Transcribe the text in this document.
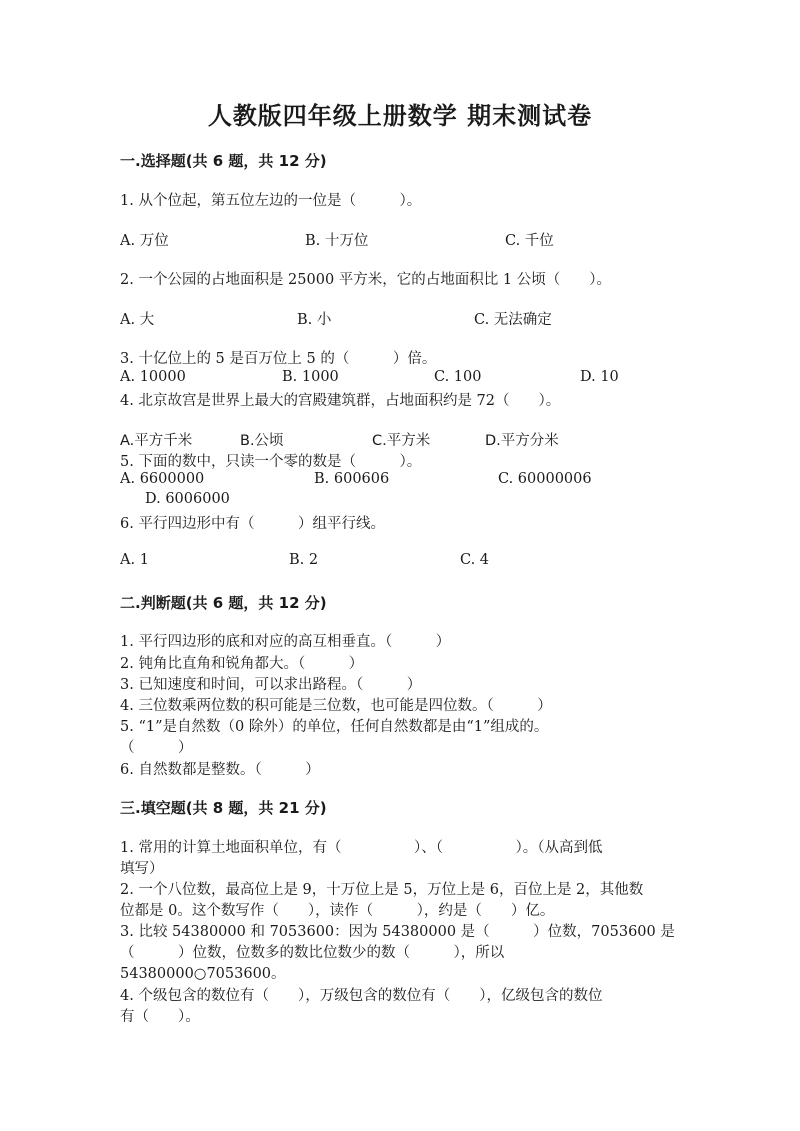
人教版四年级上册数学 期末测试卷
一.选择题(共 6 题，共 12 分)
1. 从个位起，第五位左边的一位是（　　　）。
A. 万位	B. 十万位	C. 千位
2. 一个公园的占地面积是 25000 平方米，它的占地面积比 1 公顷（　　）。
A. 大	B. 小	C. 无法确定
3. 十亿位上的 5 是百万位上 5 的（　　　）倍。
A. 10000	B. 1000	C. 100	D. 10
4. 北京故宫是世界上最大的宫殿建筑群，占地面积约是 72（　　）。
A.平方千米	B.公顷	C.平方米	D.平方分米
5. 下面的数中，只读一个零的数是（　　　）。
A. 6600000	B. 600606	C. 60000006
D. 6006000
6. 平行四边形中有（　　　）组平行线。
A. 1	B. 2	C. 4
二.判断题(共 6 题，共 12 分)
1. 平行四边形的底和对应的高互相垂直。（　　　）
2. 钝角比直角和锐角都大。（　　　）
3. 已知速度和时间，可以求出路程。（　　　）
4. 三位数乘两位数的积可能是三位数，也可能是四位数。（　　　）
5. “1”是自然数（0 除外）的单位，任何自然数都是由“1”组成的。
（　　　）
6. 自然数都是整数。（　　　）
三.填空题(共 8 题，共 21 分)
1. 常用的计算土地面积单位，有（　　　　　）、（　　　　　）。（从高到低
填写）
2. 一个八位数，最高位上是 9，十万位上是 5，万位上是 6，百位上是 2，其他数
位都是 0。这个数写作（　　），读作（　　　），约是（　　）亿。
3. 比较 54380000 和 7053600：因为 54380000 是（　　　）位数，7053600 是
（　　　）位数，位数多的数比位数少的数（　　　），所以
54380000○7053600。
4. 个级包含的数位有（　　），万级包含的数位有（　　），亿级包含的数位
有（　　）。
